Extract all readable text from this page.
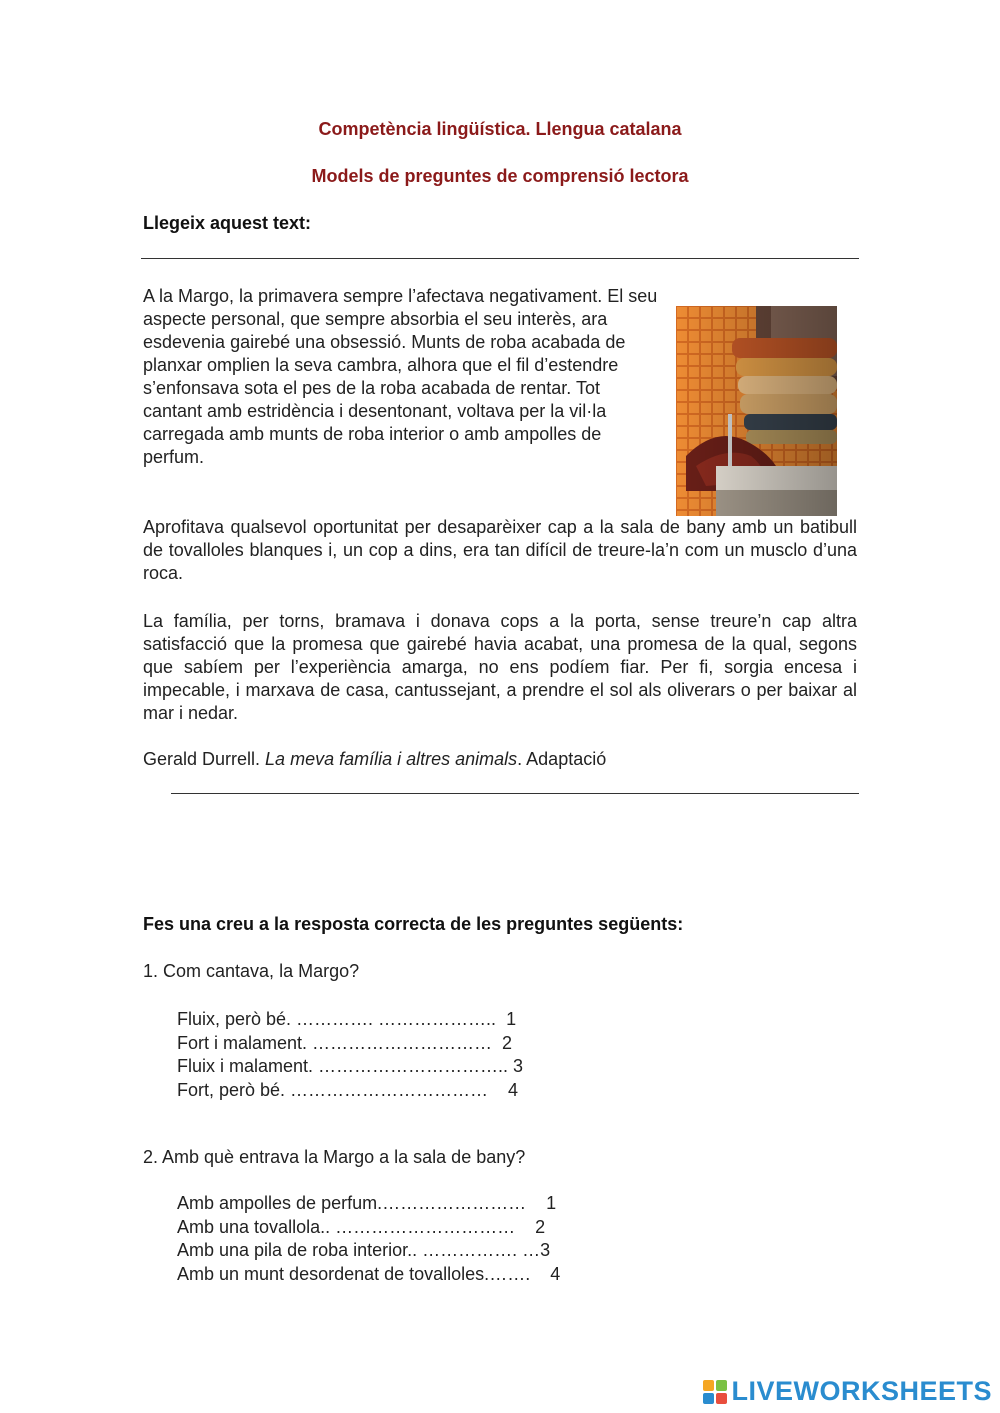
Competència lingüística. Llengua catalana
Models de preguntes de comprensió lectora
Llegeix aquest text:
A la Margo, la primavera sempre l’afectava negativament. El seu aspecte personal, que sempre absorbia el seu interès, ara esdevenia gairebé una obsessió. Munts de roba acabada de planxar omplien la seva cambra, alhora que el fil d’estendre s’enfonsava sota el pes de la roba acabada de rentar. Tot cantant amb estridència i desentonant, voltava per la vil·la carregada amb munts de roba interior o amb ampolles de perfum.
Aprofitava qualsevol oportunitat per desaparèixer cap a la sala de bany amb un batibull de tovalloles blanques i, un cop a dins, era tan difícil de treure-la’n com un musclo d’una roca.
La família, per torns, bramava i donava cops a la porta, sense treure’n cap altra satisfacció que la promesa que gairebé havia acabat, una promesa de la qual, segons que sabíem per l’experiència amarga, no ens podíem fiar. Per fi, sorgia encesa i impecable, i marxava de casa, cantussejant, a prendre el sol als oliverars o per baixar al mar i nedar.
Gerald Durrell. La meva família i altres animals. Adaptació
Fes una creu a la resposta correcta de les preguntes següents:
1. Com cantava, la Margo?
Fluix, però bé. …………. ………………..  1
Fort i malament. …………………………  2
Fluix i malament. ………………………….. 3
Fort, però bé. ……………………………    4
2. Amb què entrava la Margo a la sala de bany?
Amb ampolles de perfum.……………………    1
Amb una tovallola.. …………………………    2
Amb una pila de roba interior.. ……………. …3
Amb un munt desordenat de tovalloles.…….    4
LIVEWORKSHEETS
